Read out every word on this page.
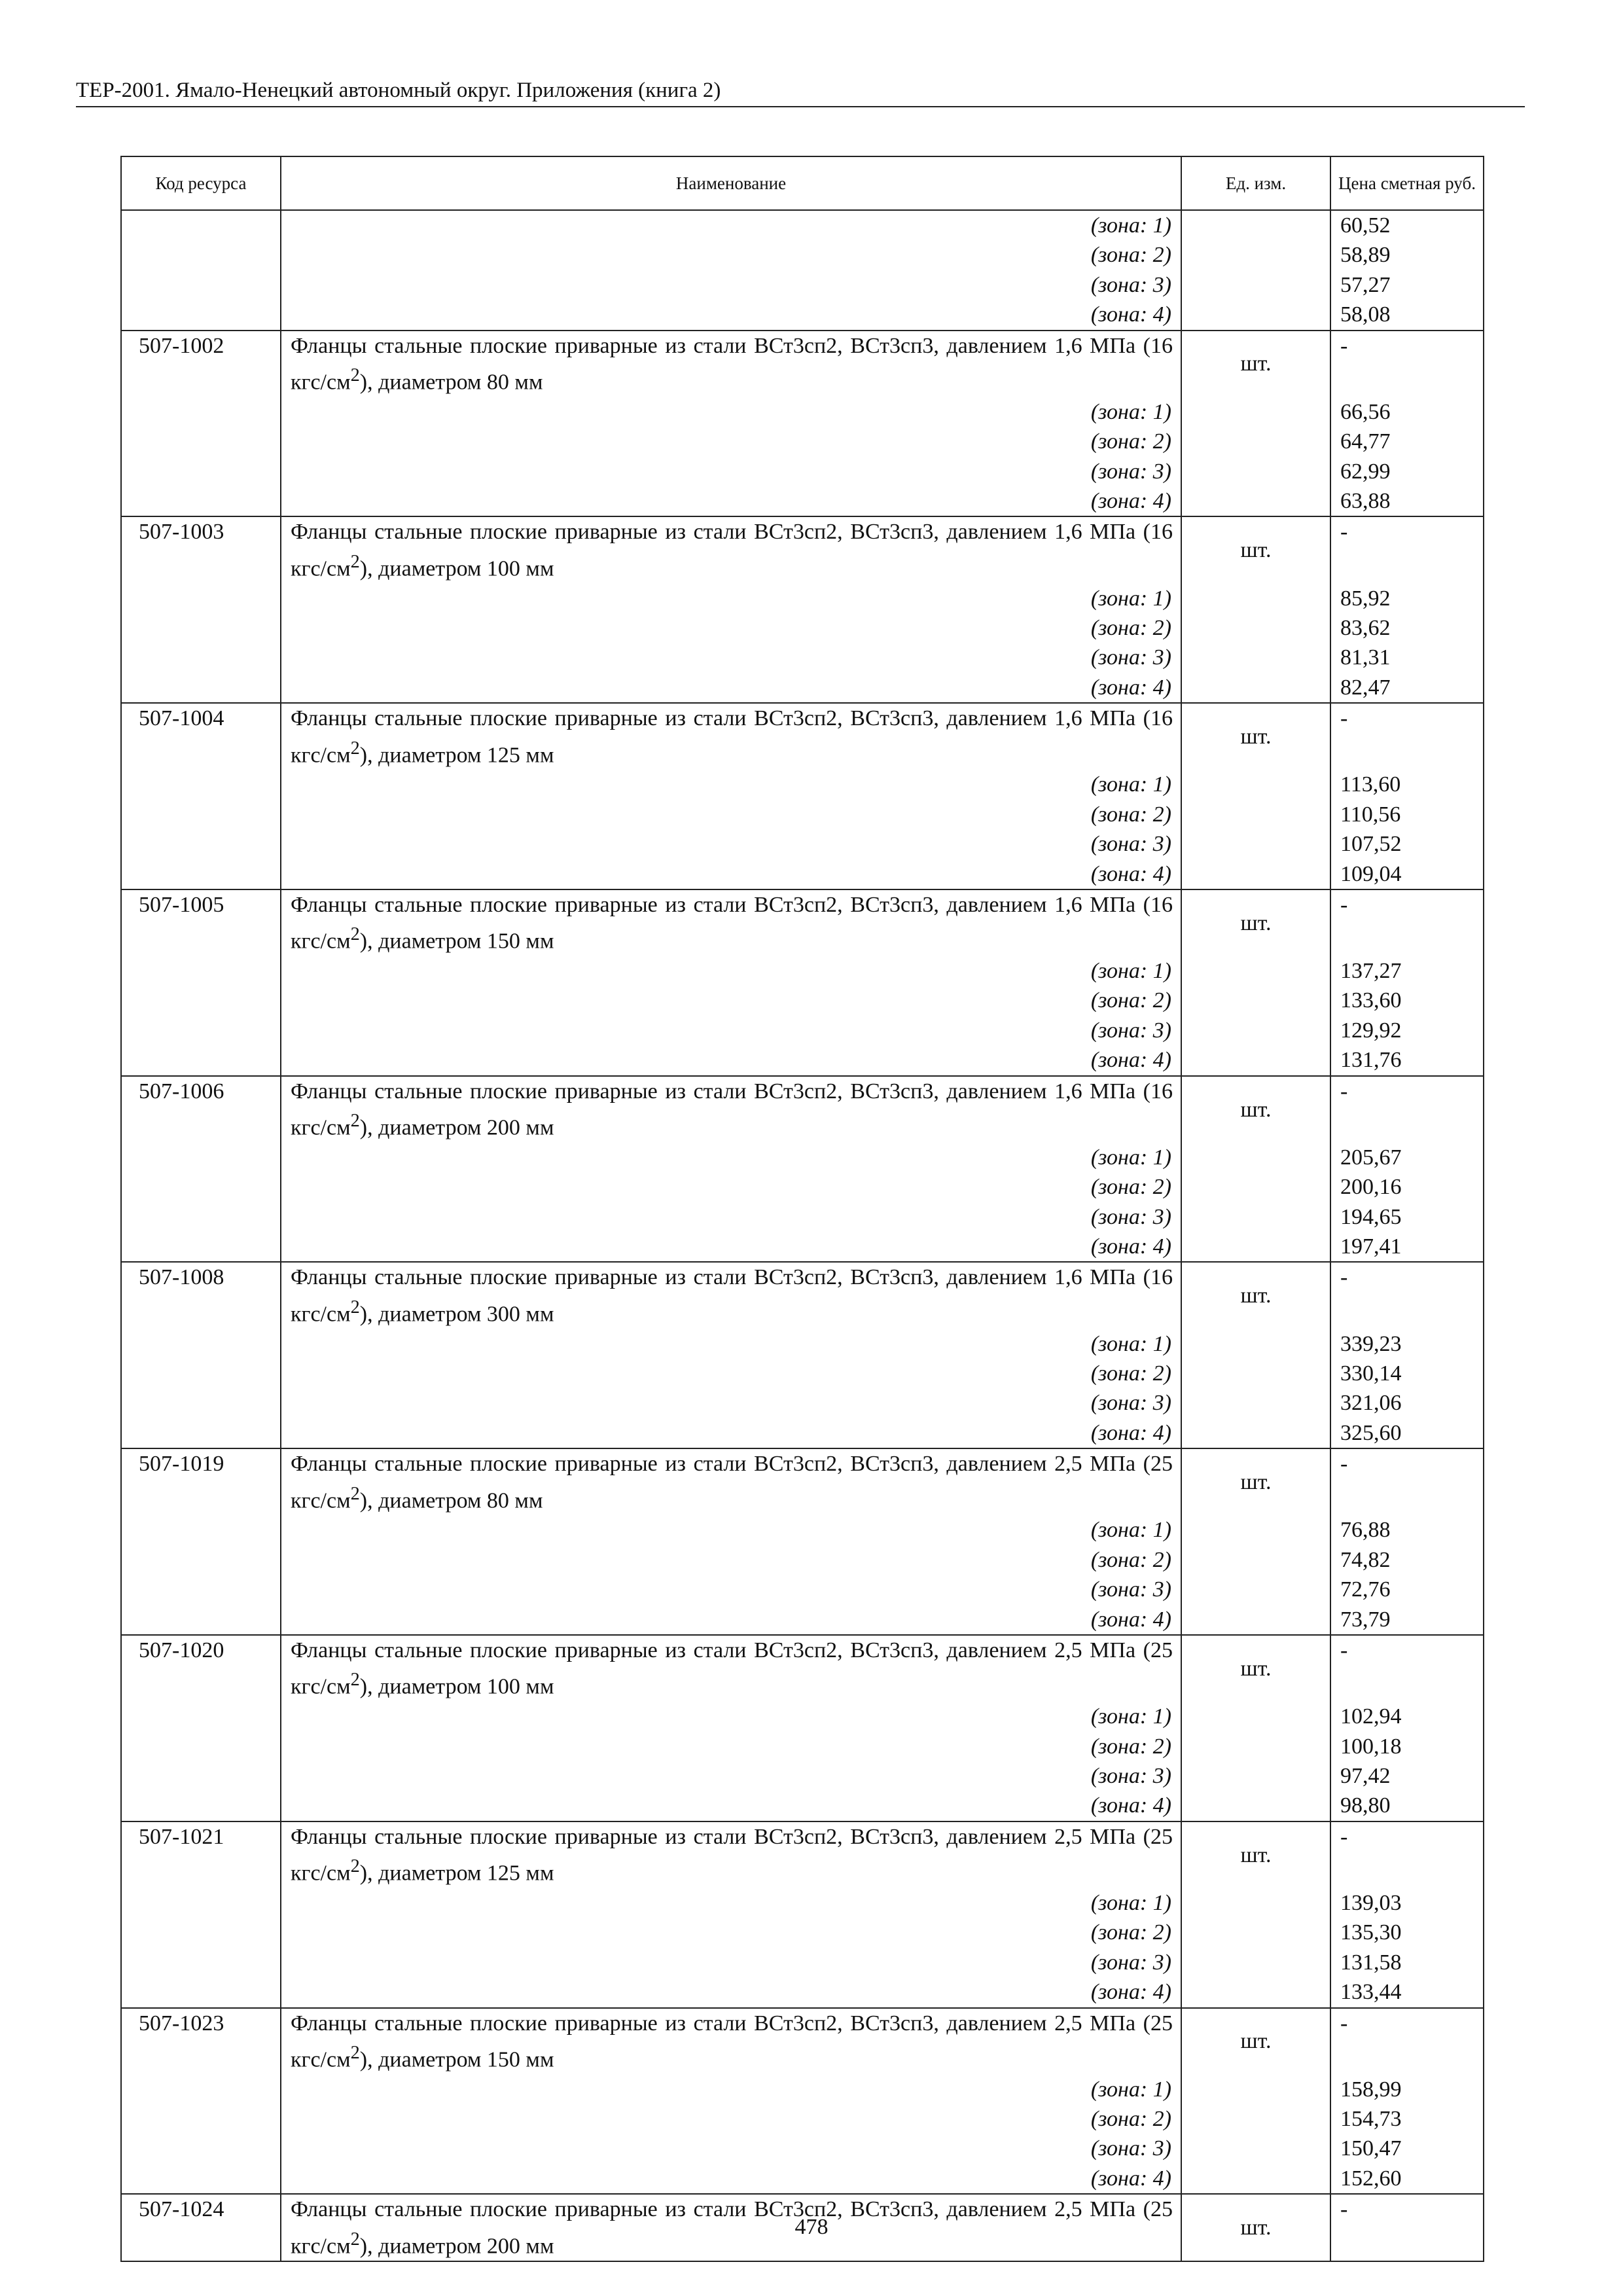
ТЕР-2001. Ямало-Ненецкий автономный округ. Приложения (книга 2)
Код ресурса	Наименование	Ед. изм.	Цена сметная руб.
	(зона: 1)		60,52
	(зона: 2)		58,89
	(зона: 3)		57,27
	(зона: 4)		58,08
507-1002	Фланцы стальные плоские приварные из стали ВСт3сп2, ВСт3сп3, давлением 1,6 МПа (16 кгс/$см^2$), диаметром 80 мм	шт.	-
	(зона: 1)		66,56
	(зона: 2)		64,77
	(зона: 3)		62,99
	(зона: 4)		63,88
507-1003	Фланцы стальные плоские приварные из стали ВСт3сп2, ВСт3сп3, давлением 1,6 МПа (16 кгс/$см^2$), диаметром 100 мм	шт.	-
	(зона: 1)		85,92
	(зона: 2)		83,62
	(зона: 3)		81,31
	(зона: 4)		82,47
507-1004	Фланцы стальные плоские приварные из стали ВСт3сп2, ВСт3сп3, давлением 1,6 МПа (16 кгс/$см^2$), диаметром 125 мм	шт.	-
	(зона: 1)		113,60
	(зона: 2)		110,56
	(зона: 3)		107,52
	(зона: 4)		109,04
507-1005	Фланцы стальные плоские приварные из стали ВСт3сп2, ВСт3сп3, давлением 1,6 МПа (16 кгс/$см^2$), диаметром 150 мм	шт.	-
	(зона: 1)		137,27
	(зона: 2)		133,60
	(зона: 3)		129,92
	(зона: 4)		131,76
507-1006	Фланцы стальные плоские приварные из стали ВСт3сп2, ВСт3сп3, давлением 1,6 МПа (16 кгс/$см^2$), диаметром 200 мм	шт.	-
	(зона: 1)		205,67
	(зона: 2)		200,16
	(зона: 3)		194,65
	(зона: 4)		197,41
507-1008	Фланцы стальные плоские приварные из стали ВСт3сп2, ВСт3сп3, давлением 1,6 МПа (16 кгс/$см^2$), диаметром 300 мм	шт.	-
	(зона: 1)		339,23
	(зона: 2)		330,14
	(зона: 3)		321,06
	(зона: 4)		325,60
507-1019	Фланцы стальные плоские приварные из стали ВСт3сп2, ВСт3сп3, давлением 2,5 МПа (25 кгс/$см^2$), диаметром 80 мм	шт.	-
	(зона: 1)		76,88
	(зона: 2)		74,82
	(зона: 3)		72,76
	(зона: 4)		73,79
507-1020	Фланцы стальные плоские приварные из стали ВСт3сп2, ВСт3сп3, давлением 2,5 МПа (25 кгс/$см^2$), диаметром 100 мм	шт.	-
	(зона: 1)		102,94
	(зона: 2)		100,18
	(зона: 3)		97,42
	(зона: 4)		98,80
507-1021	Фланцы стальные плоские приварные из стали ВСт3сп2, ВСт3сп3, давлением 2,5 МПа (25 кгс/$см^2$), диаметром 125 мм	шт.	-
	(зона: 1)		139,03
	(зона: 2)		135,30
	(зона: 3)		131,58
	(зона: 4)		133,44
507-1023	Фланцы стальные плоские приварные из стали ВСт3сп2, ВСт3сп3, давлением 2,5 МПа (25 кгс/$см^2$), диаметром 150 мм	шт.	-
	(зона: 1)		158,99
	(зона: 2)		154,73
	(зона: 3)		150,47
	(зона: 4)		152,60
507-1024	Фланцы стальные плоские приварные из стали ВСт3сп2, ВСт3сп3, давлением 2,5 МПа (25 кгс/$см^2$), диаметром 200 мм	шт.	-
478
